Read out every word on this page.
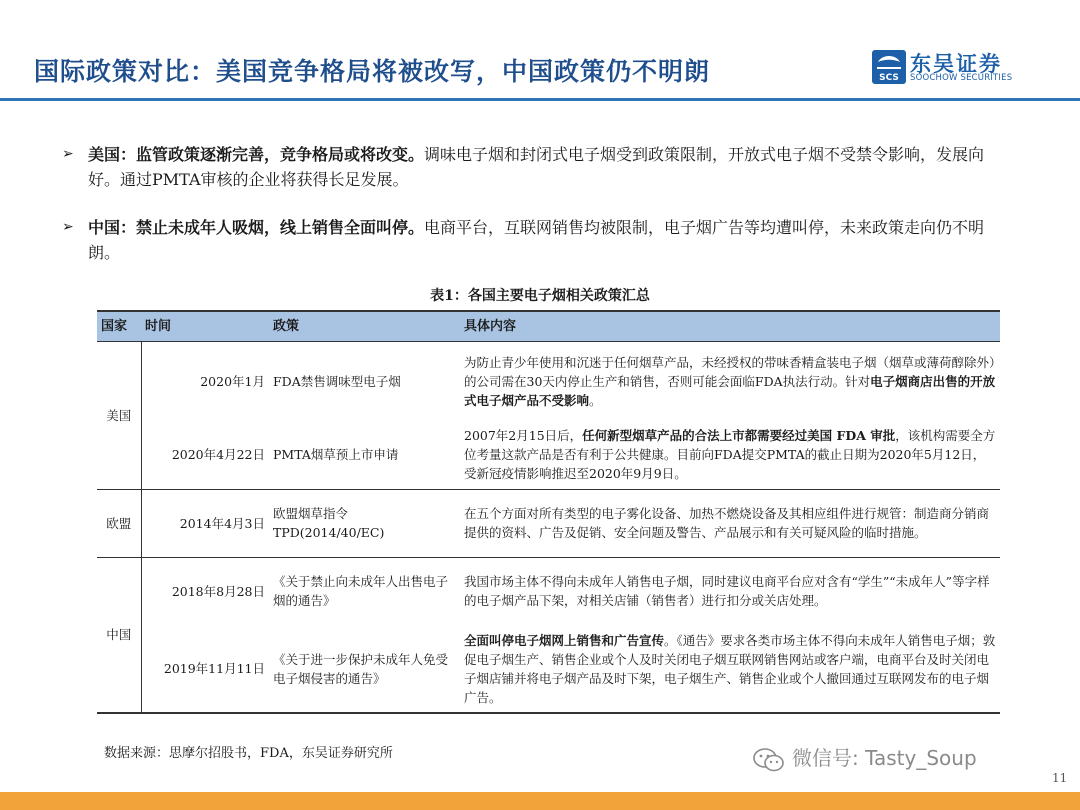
国际政策对比：美国竞争格局将被改写，中国政策仍不明朗	SCS
东吴证券
SOOCHOW SECURITIES
➢ 美国：监管政策逐渐完善，竞争格局或将改变。调味电子烟和封闭式电子烟受到政策限制，开放式电子烟不受禁令影响，发展向好。通过PMTA审核的企业将获得长足发展。
➢ 中国：禁止未成年人吸烟，线上销售全面叫停。电商平台，互联网销售均被限制，电子烟广告等均遭叫停，未来政策走向仍不明朗。
表1：各国主要电子烟相关政策汇总
国家	时间	政策	具体内容
美国	2020年1月	FDA禁售调味型电子烟	为防止青少年使用和沉迷于任何烟草产品，未经授权的带味香精盒装电子烟（烟草或薄荷醇除外）的公司需在30天内停止生产和销售，否则可能会面临FDA执法行动。针对电子烟商店出售的开放式电子烟产品不受影响。
	2020年4月22日	PMTA烟草预上市申请	2007年2月15日后，任何新型烟草产品的合法上市都需要经过美国 FDA 审批，该机构需要全方位考量这款产品是否有利于公共健康。目前向FDA提交PMTA的截止日期为2020年5月12日，受新冠疫情影响推迟至2020年9月9日。
欧盟	2014年4月3日	欧盟烟草指令TPD(2014/40/EC)	在五个方面对所有类型的电子雾化设备、加热不燃烧设备及其相应组件进行规管：制造商分销商提供的资料、广告及促销、安全问题及警告、产品展示和有关可疑风险的临时措施。
中国	2018年8月28日	《关于禁止向未成年人出售电子烟的通告》	我国市场主体不得向未成年人销售电子烟，同时建议电商平台应对含有“学生”“未成年人”等字样的电子烟产品下架，对相关店铺（销售者）进行扣分或关店处理。
	2019年11月11日	《关于进一步保护未成年人免受电子烟侵害的通告》	全面叫停电子烟网上销售和广告宣传。《通告》要求各类市场主体不得向未成年人销售电子烟；敦促电子烟生产、销售企业或个人及时关闭电子烟互联网销售网站或客户端，电商平台及时关闭电子烟店铺并将电子烟产品及时下架，电子烟生产、销售企业或个人撤回通过互联网发布的电子烟广告。
数据来源：思摩尔招股书，FDA，东吴证券研究所	微信号: Tasty_Soup
11
